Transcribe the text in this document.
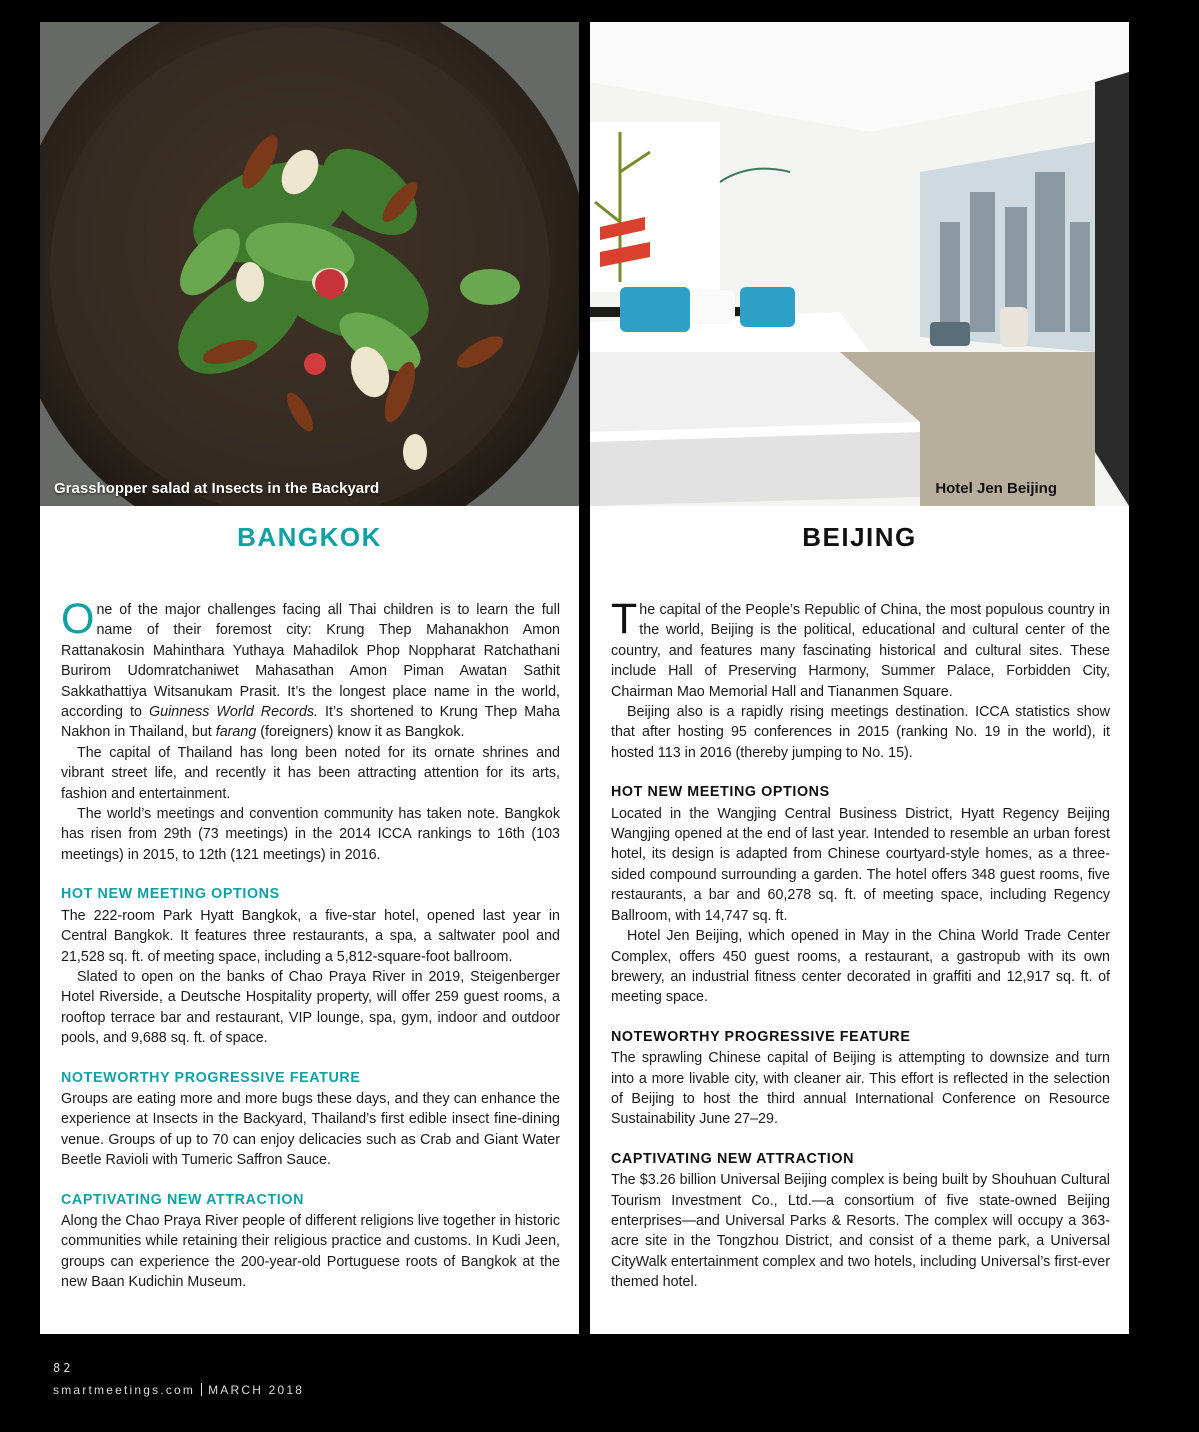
Grasshopper salad at Insects in the Backyard
BANGKOK

One of the major challenges facing all Thai children is to learn the full name of their foremost city: Krung Thep Mahanakhon Amon Rattanakosin Mahinthara Yuthaya Mahadilok Phop Noppharat Ratchathani Burirom Udomratchaniwet Mahasathan Amon Piman Awatan Sathit Sakkathattiya Witsanukam Prasit. It’s the longest place name in the world, according to Guinness World Records. It’s shortened to Krung Thep Maha Nakhon in Thailand, but farang (foreigners) know it as Bangkok.

The capital of Thailand has long been noted for its ornate shrines and vibrant street life, and recently it has been attracting attention for its arts, fashion and entertainment.

The world’s meetings and convention community has taken note. Bangkok has risen from 29th (73 meetings) in the 2014 ICCA rankings to 16th (103 meetings) in 2015, to 12th (121 meetings) in 2016.

HOT NEW MEETING OPTIONS

The 222-room Park Hyatt Bangkok, a five-star hotel, opened last year in Central Bangkok. It features three restaurants, a spa, a saltwater pool and 21,528 sq. ft. of meeting space, including a 5,812-square-foot ballroom.

Slated to open on the banks of Chao Praya River in 2019, Steigenberger Hotel Riverside, a Deutsche Hospitality property, will offer 259 guest rooms, a rooftop terrace bar and restaurant, VIP lounge, spa, gym, indoor and outdoor pools, and 9,688 sq. ft. of space.

NOTEWORTHY PROGRESSIVE FEATURE

Groups are eating more and more bugs these days, and they can enhance the experience at Insects in the Backyard, Thailand’s first edible insect fine-dining venue. Groups of up to 70 can enjoy delicacies such as Crab and Giant Water Beetle Ravioli with Tumeric Saffron Sauce.

CAPTIVATING NEW ATTRACTION

Along the Chao Praya River people of different religions live together in historic communities while retaining their religious practice and customs. In Kudi Jeen, groups can experience the 200-year-old Portuguese roots of Bangkok at the new Baan Kudichin Museum.

Hotel Jen Beijing
BEIJING

The capital of the People’s Republic of China, the most populous country in the world, Beijing is the political, educational and cultural center of the country, and features many fascinating historical and cultural sites. These include Hall of Preserving Harmony, Summer Palace, Forbidden City, Chairman Mao Memorial Hall and Tiananmen Square.

Beijing also is a rapidly rising meetings destination. ICCA statistics show that after hosting 95 conferences in 2015 (ranking No. 19 in the world), it hosted 113 in 2016 (thereby jumping to No. 15).

HOT NEW MEETING OPTIONS

Located in the Wangjing Central Business District, Hyatt Regency Beijing Wangjing opened at the end of last year. Intended to resemble an urban forest hotel, its design is adapted from Chinese courtyard-style homes, as a three-sided compound surrounding a garden. The hotel offers 348 guest rooms, five restaurants, a bar and 60,278 sq. ft. of meeting space, including Regency Ballroom, with 14,747 sq. ft.

Hotel Jen Beijing, which opened in May in the China World Trade Center Complex, offers 450 guest rooms, a restaurant, a gastropub with its own brewery, an industrial fitness center decorated in graffiti and 12,917 sq. ft. of meeting space.

NOTEWORTHY PROGRESSIVE FEATURE

The sprawling Chinese capital of Beijing is attempting to downsize and turn into a more livable city, with cleaner air. This effort is reflected in the selection of Beijing to host the third annual International Conference on Resource Sustainability June 27–29.

CAPTIVATING NEW ATTRACTION

The $3.26 billion Universal Beijing complex is being built by Shouhuan Cultural Tourism Investment Co., Ltd.—a consortium of five state-owned Beijing enterprises—and Universal Parks & Resorts. The complex will occupy a 363-acre site in the Tongzhou District, and consist of a theme park, a Universal CityWalk entertainment complex and two hotels, including Universal’s first-ever themed hotel.

82
smartmeetings.com MARCH 2018
